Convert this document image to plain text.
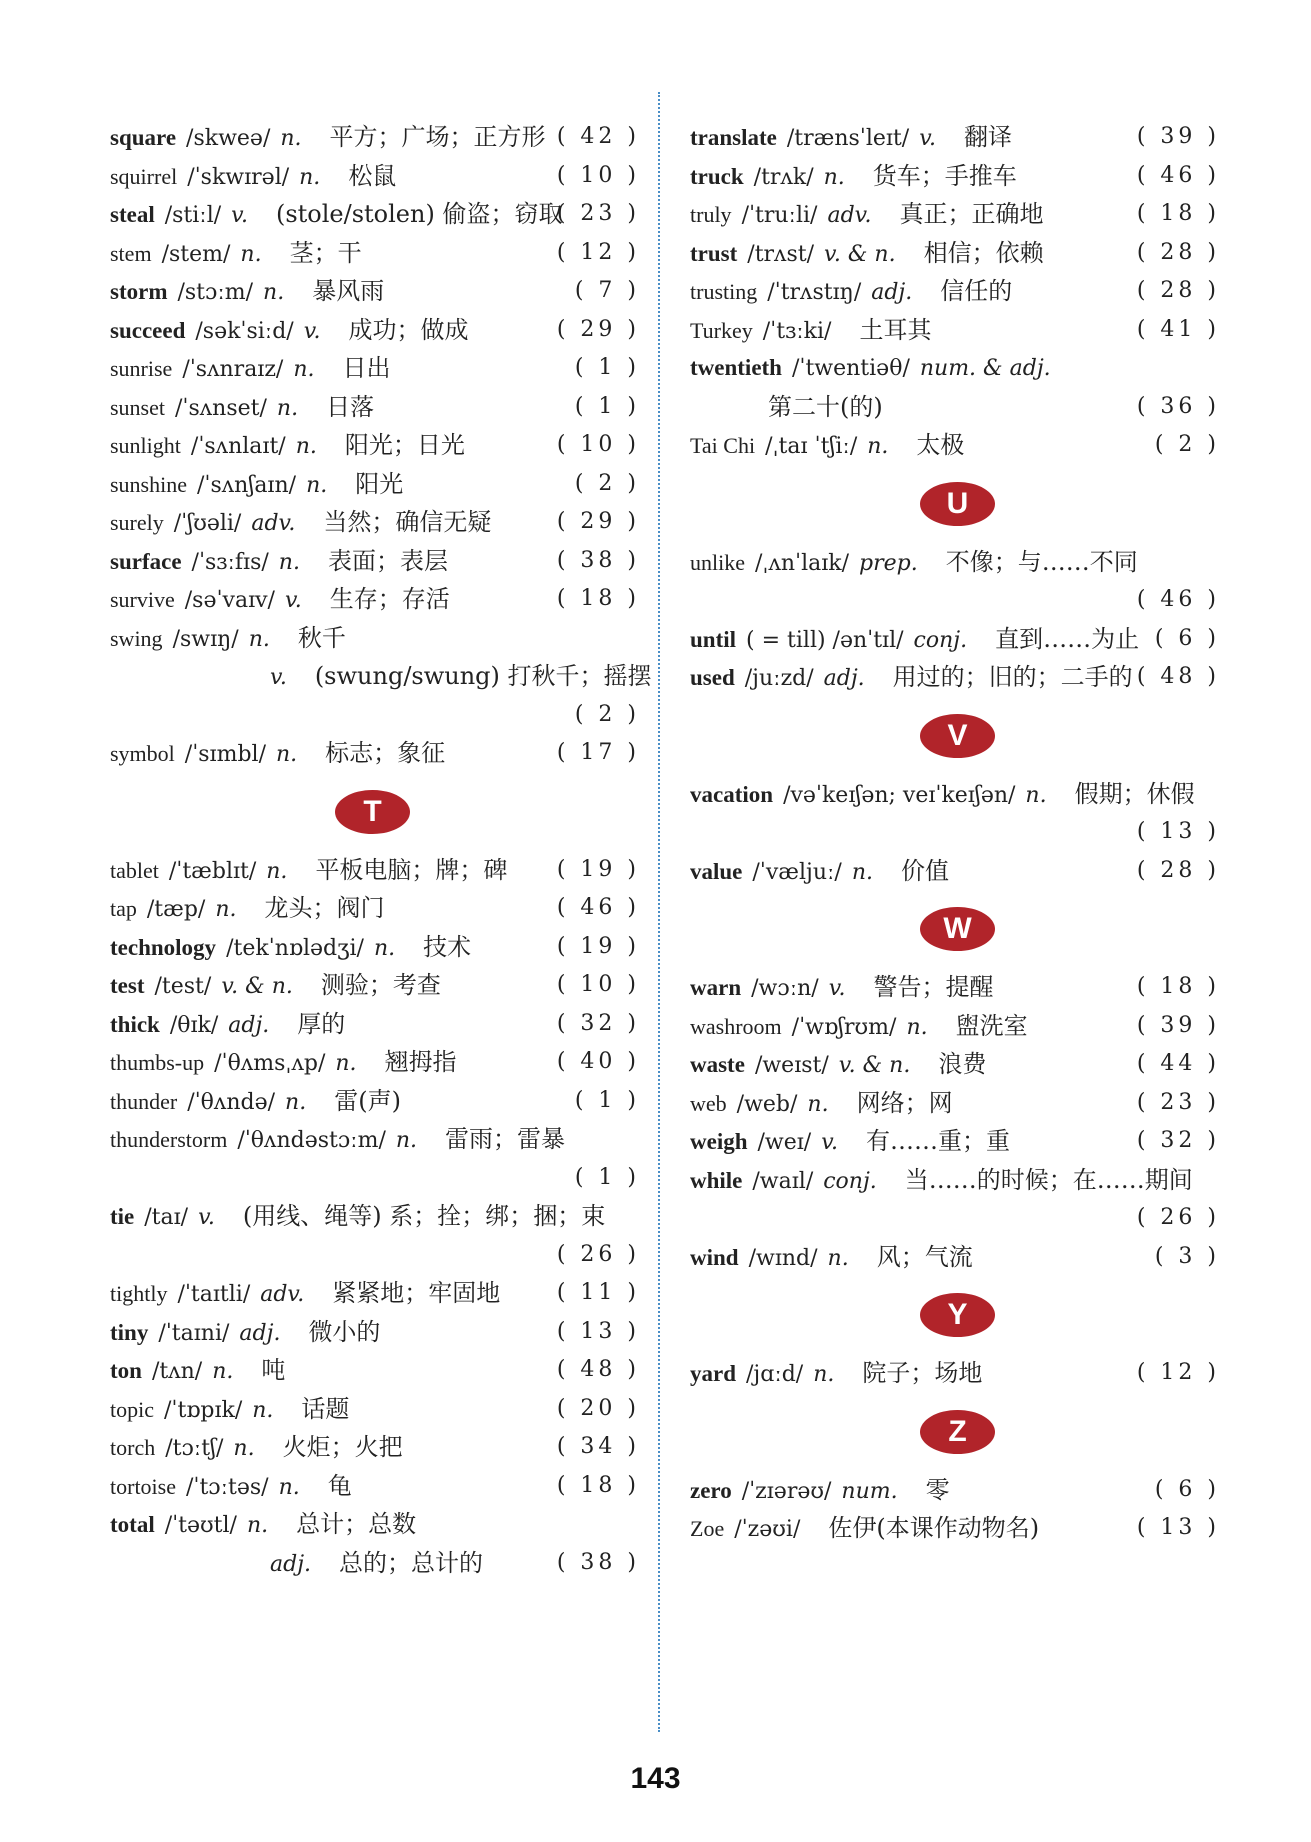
square /skweə/ n. 平方；广场；正方形 ( 42 )
squirrel /ˈskwɪrəl/ n. 松鼠	( 10 )
steal /stiːl/ v. (stole/stolen) 偷盗；窃取
( 23 )
stem /stem/ n. 茎；干	( 12 )
storm /stɔːm/ n. 暴风雨	( 7 )
succeed /səkˈsiːd/ v. 成功；做成	( 29 )
sunrise /ˈsʌnraɪz/ n. 日出	( 1 )
sunset /ˈsʌnset/ n. 日落	( 1 )
sunlight /ˈsʌnlaɪt/ n. 阳光；日光	( 10 )
sunshine /ˈsʌnʃaɪn/ n. 阳光	( 2 )
surely /ˈʃʊəli/ adv. 当然；确信无疑	( 29 )
surface /ˈsɜːfɪs/ n. 表面；表层	( 38 )
survive /səˈvaɪv/ v. 生存；存活	( 18 )
swing /swɪŋ/ n. 秋千
v. (swung/swung) 打秋千；摇摆
( 2 )
symbol /ˈsɪmbl/ n. 标志；象征	( 17 )
T
tablet /ˈtæblɪt/ n. 平板电脑；牌；碑 ( 19 )
tap /tæp/ n. 龙头；阀门	( 46 )
technology /tekˈnɒlədʒi/ n. 技术	( 19 )
test /test/ v. & n. 测验；考查	( 10 )
thick /θɪk/ adj. 厚的	( 32 )
thumbs-up /ˈθʌmsˌʌp/ n. 翘拇指	( 40 )
thunder /ˈθʌndə/ n. 雷(声)	( 1 )
thunderstorm /ˈθʌndəstɔːm/ n. 雷雨；雷暴
( 1 )
tie /taɪ/ v. (用线、绳等) 系；拴；绑；捆；束
( 26 )
tightly /ˈtaɪtli/ adv. 紧紧地；牢固地	( 11 )
tiny /ˈtaɪni/ adj. 微小的	( 13 )
ton /tʌn/ n. 吨	( 48 )
topic /ˈtɒpɪk/ n. 话题	( 20 )
torch /tɔːtʃ/ n. 火炬；火把	( 34 )
tortoise /ˈtɔːtəs/ n. 龟	( 18 )
total /ˈtəʊtl/ n. 总计；总数
adj. 总的；总计的	( 38 )
translate /trænsˈleɪt/ v. 翻译	( 39 )
truck /trʌk/ n. 货车；手推车	( 46 )
truly /ˈtruːli/ adv. 真正；正确地	( 18 )
trust /trʌst/ v. & n. 相信；依赖	( 28 )
trusting /ˈtrʌstɪŋ/ adj. 信任的	( 28 )
Turkey /ˈtɜːki/ 土耳其	( 41 )
twentieth /ˈtwentiəθ/ num. & adj.
第二十(的)	( 36 )
Tai Chi /ˌtaɪ ˈtʃiː/ n. 太极	( 2 )
U
unlike /ˌʌnˈlaɪk/ prep. 不像；与……不同
( 46 )
until ( = till) /ənˈtɪl/ conj. 直到……为止 ( 6 )
used /juːzd/ adj. 用过的；旧的；二手的 ( 48 )
V
vacation /vəˈkeɪʃən; veɪˈkeɪʃən/ n. 假期；休假
( 13 )
value /ˈvæljuː/ n. 价值	( 28 )
W
warn /wɔːn/ v. 警告；提醒	( 18 )
washroom /ˈwɒʃrʊm/ n. 盥洗室	( 39 )
waste /weɪst/ v. & n. 浪费	( 44 )
web /web/ n. 网络；网	( 23 )
weigh /weɪ/ v. 有……重；重	( 32 )
while /waɪl/ conj. 当……的时候；在……期间
( 26 )
wind /wɪnd/ n. 风；气流	( 3 )
Y
yard /jɑːd/ n. 院子；场地	( 12 )
Z
zero /ˈzɪərəʊ/ num. 零	( 6 )
Zoe /ˈzəʊi/ 佐伊(本课作动物名)	( 13 )
143
